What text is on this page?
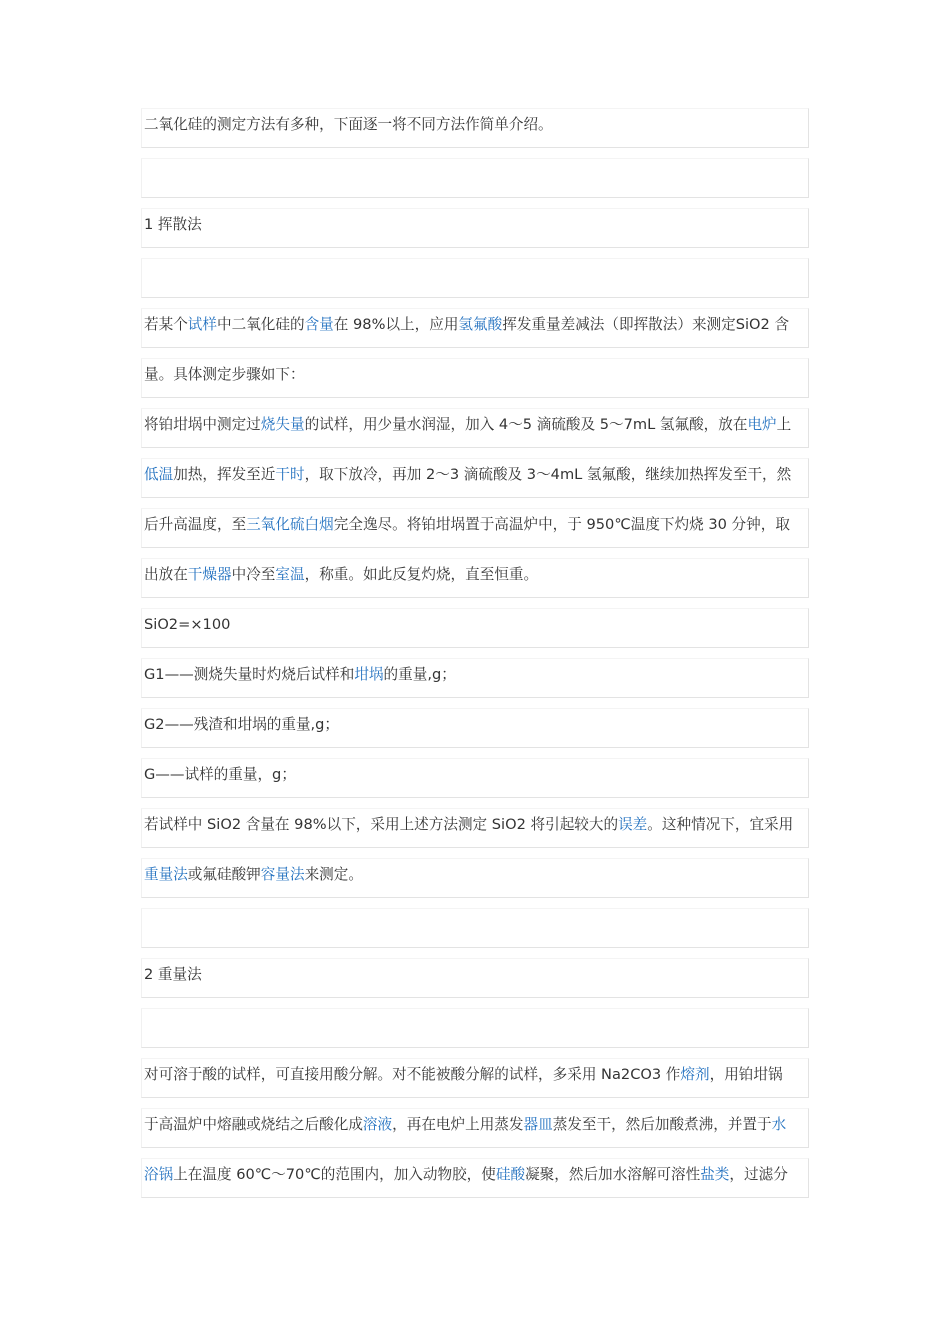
二氧化硅的测定方法有多种，下面逐一将不同方法作简单介绍。
1 挥散法
若某个试样中二氧化硅的含量在 98%以上，应用氢氟酸挥发重量差减法（即挥散法）来测定SiO2 含
量。具体测定步骤如下：
将铂坩埚中测定过烧失量的试样，用少量水润湿，加入 4～5 滴硫酸及 5～7mL 氢氟酸，放在电炉上
低温加热，挥发至近干时，取下放冷，再加 2～3 滴硫酸及 3～4mL 氢氟酸，继续加热挥发至干，然
后升高温度，至三氧化硫白烟完全逸尽。将铂坩埚置于高温炉中，于 950℃温度下灼烧 30 分钟，取
出放在干燥器中冷至室温，称重。如此反复灼烧，直至恒重。
SiO2=×100
G1——测烧失量时灼烧后试样和坩埚的重量,g；
G2——残渣和坩埚的重量,g；
G——试样的重量，g；
若试样中 SiO2 含量在 98%以下，采用上述方法测定 SiO2 将引起较大的误差。这种情况下，宜采用
重量法或氟硅酸钾容量法来测定。
2 重量法
对可溶于酸的试样，可直接用酸分解。对不能被酸分解的试样，多采用 Na2CO3 作熔剂，用铂坩锅
于高温炉中熔融或烧结之后酸化成溶液，再在电炉上用蒸发器皿蒸发至干，然后加酸煮沸，并置于水
浴锅上在温度 60℃～70℃的范围内，加入动物胶，使硅酸凝聚，然后加水溶解可溶性盐类，过滤分
